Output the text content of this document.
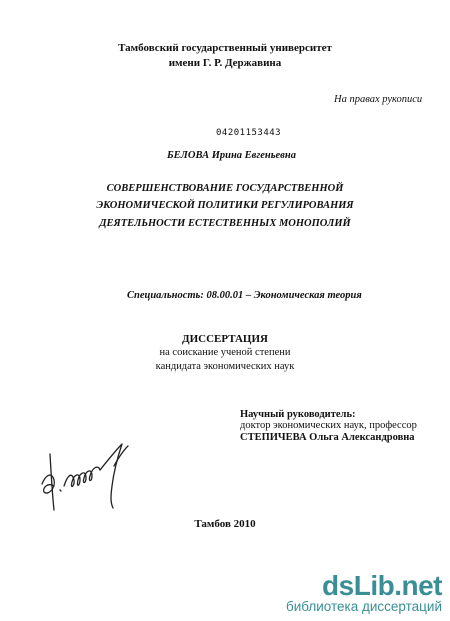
Тамбовский государственный университет
имени Г. Р. Державина
На правах рукописи
04201153443
БЕЛОВА Ирина Евгеньевна
СОВЕРШЕНСТВОВАНИЕ ГОСУДАРСТВЕННОЙ
ЭКОНОМИЧЕСКОЙ ПОЛИТИКИ РЕГУЛИРОВАНИЯ
ДЕЯТЕЛЬНОСТИ ЕСТЕСТВЕННЫХ МОНОПОЛИЙ
Специальность: 08.00.01 – Экономическая теория
ДИССЕРТАЦИЯ
на соискание ученой степени
кандидата экономических наук
Научный руководитель:
доктор экономических наук, профессор
СТЕПИЧЕВА Ольга Александровна
Тамбов 2010
dsLib.net
библиотека диссертаций
